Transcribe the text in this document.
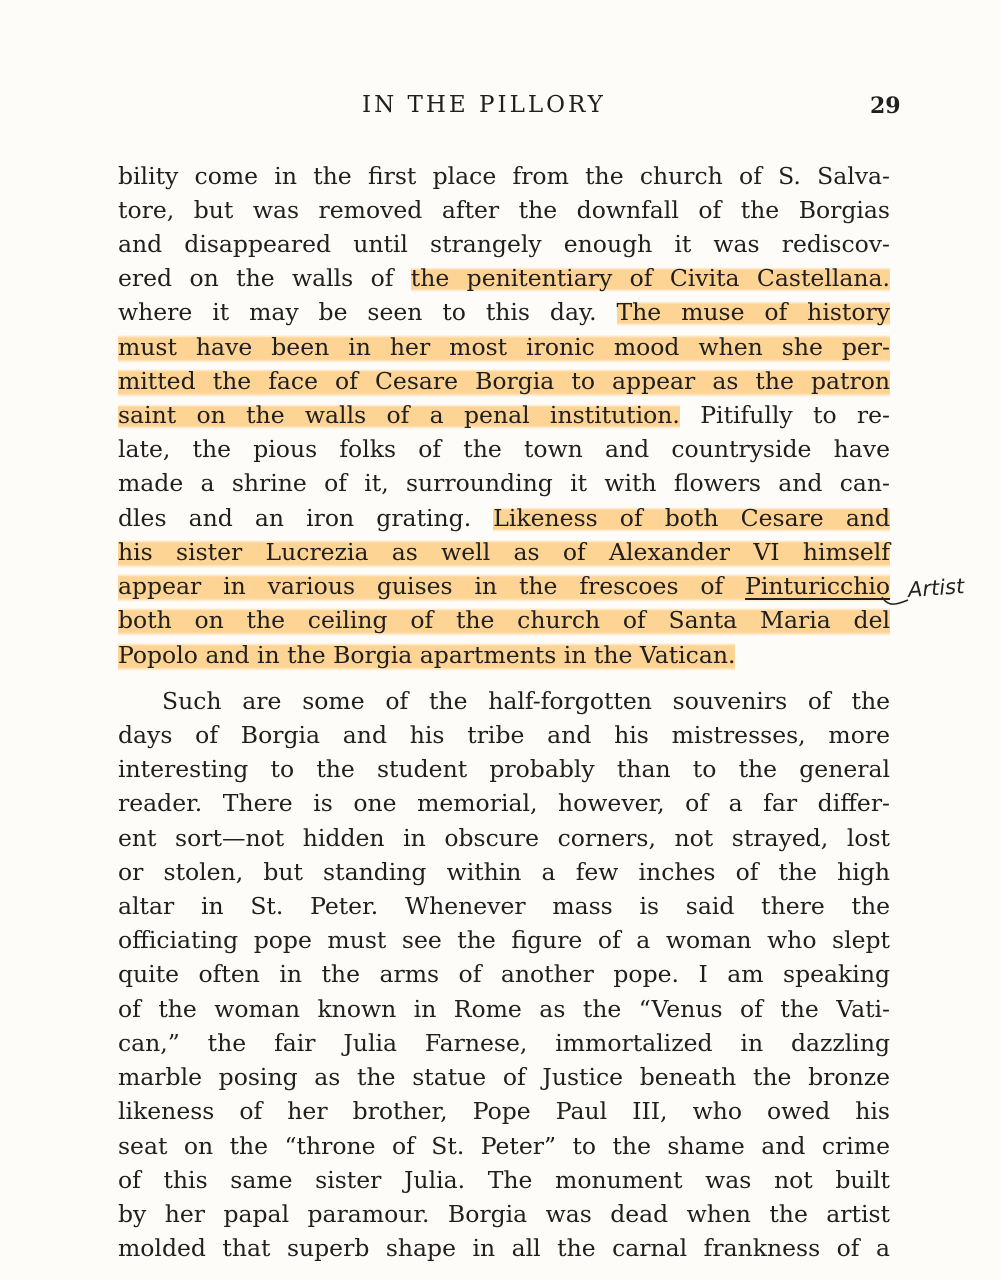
IN THE PILLORY	29
bility come in the first place from the church of S. Salva-
tore, but was removed after the downfall of the Borgias
and disappeared until strangely enough it was rediscov-
ered on the walls of the penitentiary of Civita Castellana.
where it may be seen to this day. The muse of history
must have been in her most ironic mood when she per-
mitted the face of Cesare Borgia to appear as the patron
saint on the walls of a penal institution. Pitifully to re-
late, the pious folks of the town and countryside have
made a shrine of it, surrounding it with flowers and can-
dles and an iron grating. Likeness of both Cesare and
his sister Lucrezia as well as of Alexander VI himself
appear in various guises in the frescoes of Pinturicchio
both on the ceiling of the church of Santa Maria del
Popolo and in the Borgia apartments in the Vatican.
Artist
Such are some of the half-forgotten souvenirs of the
days of Borgia and his tribe and his mistresses, more
interesting to the student probably than to the general
reader. There is one memorial, however, of a far differ-
ent sort—not hidden in obscure corners, not strayed, lost
or stolen, but standing within a few inches of the high
altar in St. Peter. Whenever mass is said there the
officiating pope must see the figure of a woman who slept
quite often in the arms of another pope. I am speaking
of the woman known in Rome as the “Venus of the Vati-
can,” the fair Julia Farnese, immortalized in dazzling
marble posing as the statue of Justice beneath the bronze
likeness of her brother, Pope Paul III, who owed his
seat on the “throne of St. Peter” to the shame and crime
of this same sister Julia. The monument was not built
by her papal paramour. Borgia was dead when the artist
molded that superb shape in all the carnal frankness of a
